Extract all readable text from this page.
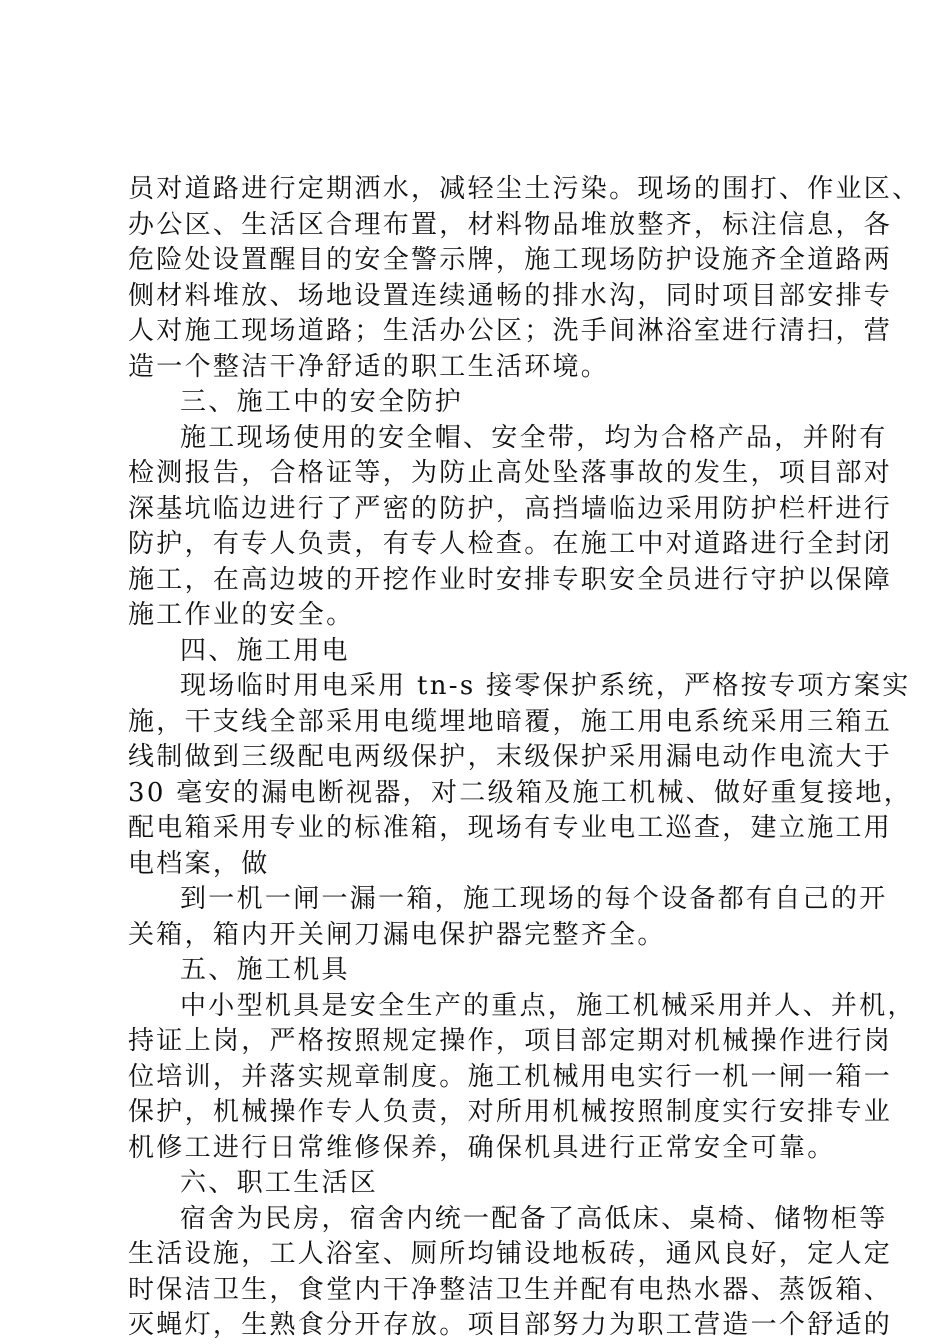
员对道路进行定期洒水，减轻尘土污染。现场的围打、作业区、
办公区、生活区合理布置，材料物品堆放整齐，标注信息，各
危险处设置醒目的安全警示牌，施工现场防护设施齐全道路两
侧材料堆放、场地设置连续通畅的排水沟，同时项目部安排专
人对施工现场道路；生活办公区；洗手间淋浴室进行清扫，营
造一个整洁干净舒适的职工生活环境。
三、施工中的安全防护
施工现场使用的安全帽、安全带，均为合格产品，并附有
检测报告，合格证等，为防止高处坠落事故的发生，项目部对
深基坑临边进行了严密的防护，高挡墙临边采用防护栏杆进行
防护，有专人负责，有专人检查。在施工中对道路进行全封闭
施工，在高边坡的开挖作业时安排专职安全员进行守护以保障
施工作业的安全。
四、施工用电
现场临时用电采用 tn-s 接零保护系统，严格按专项方案实
施，干支线全部采用电缆埋地暗覆，施工用电系统采用三箱五
线制做到三级配电两级保护，末级保护采用漏电动作电流大于
30 毫安的漏电断视器，对二级箱及施工机械、做好重复接地，
配电箱采用专业的标准箱，现场有专业电工巡查，建立施工用
电档案，做
到一机一闸一漏一箱，施工现场的每个设备都有自己的开
关箱，箱内开关闸刀漏电保护器完整齐全。
五、施工机具
中小型机具是安全生产的重点，施工机械采用并人、并机，
持证上岗，严格按照规定操作，项目部定期对机械操作进行岗
位培训，并落实规章制度。施工机械用电实行一机一闸一箱一
保护，机械操作专人负责，对所用机械按照制度实行安排专业
机修工进行日常维修保养，确保机具进行正常安全可靠。
六、职工生活区
宿舍为民房，宿舍内统一配备了高低床、桌椅、储物柜等
生活设施，工人浴室、厕所均铺设地板砖，通风良好，定人定
时保洁卫生，食堂内干净整洁卫生并配有电热水器、蒸饭箱、
灭蝇灯，生熟食分开存放。项目部努力为职工营造一个舒适的
